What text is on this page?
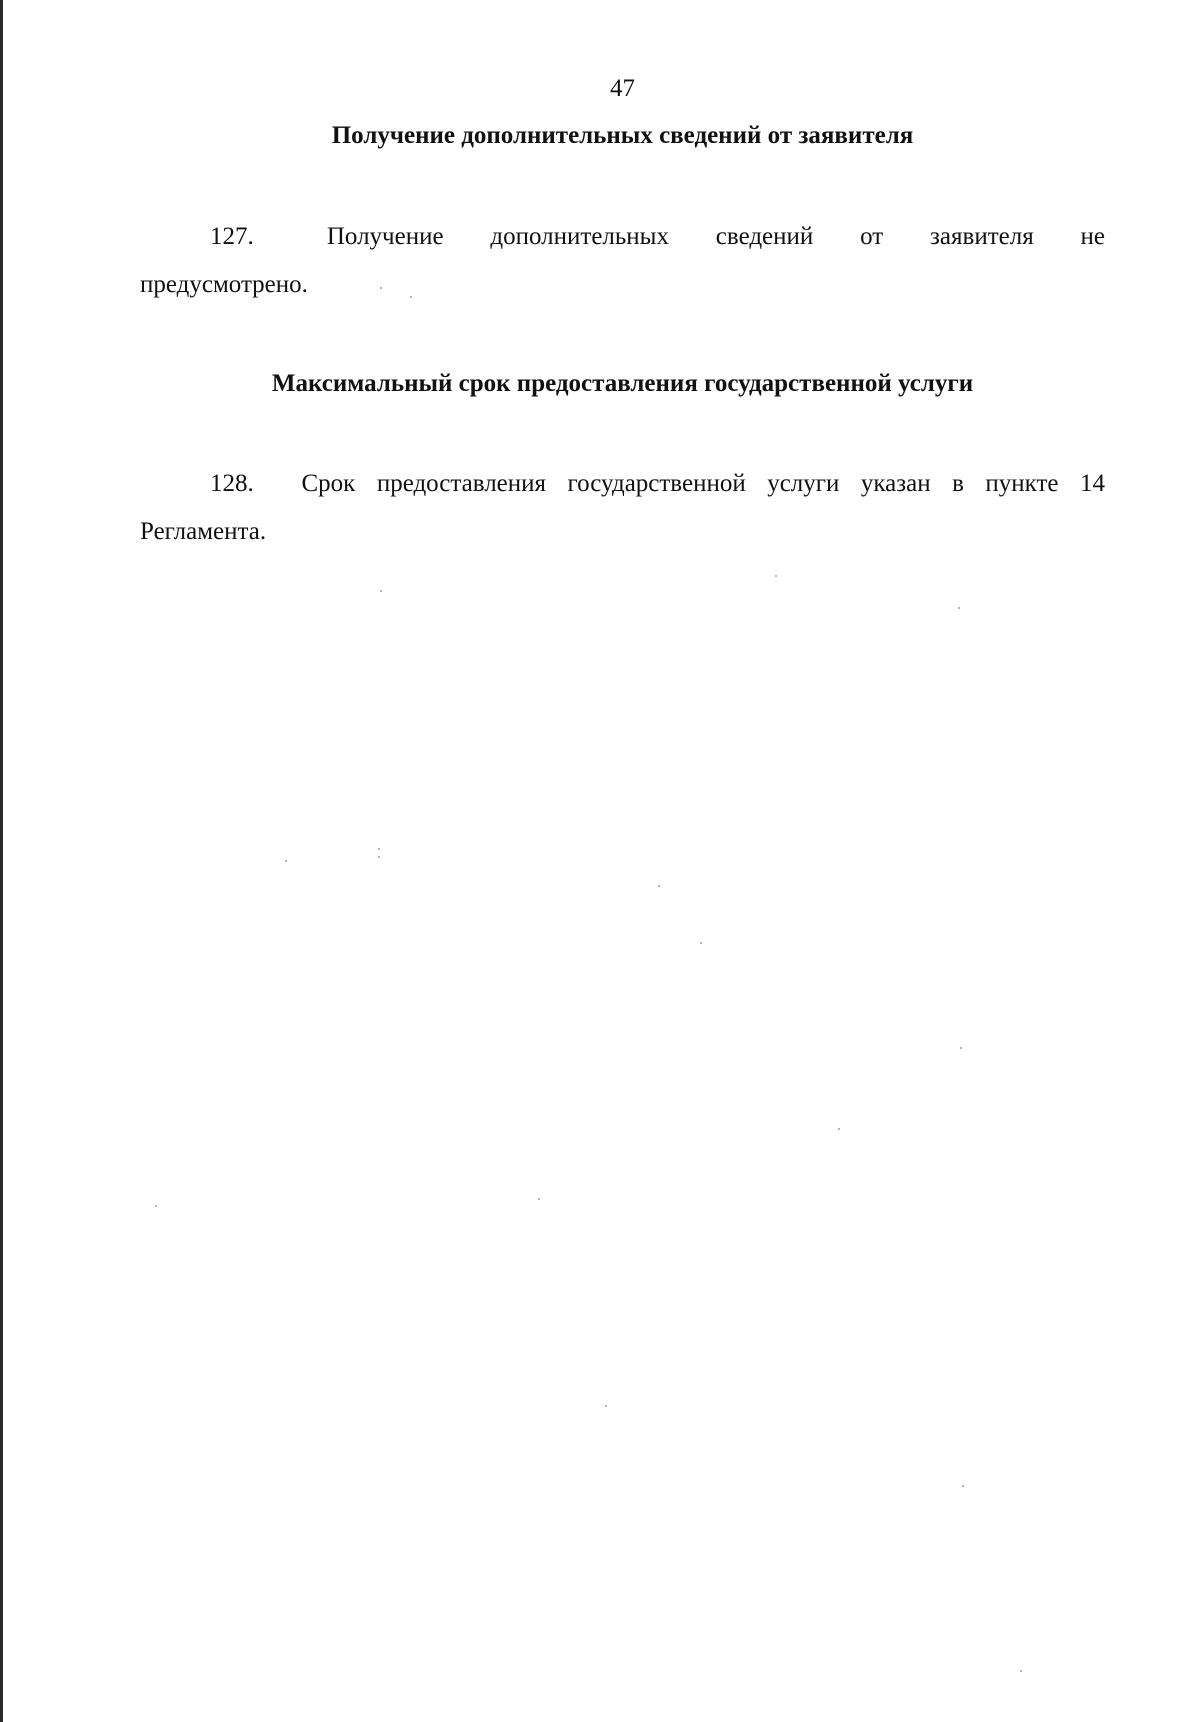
47
Получение дополнительных сведений от заявителя

127.	Получение дополнительных сведений от заявителя не
предусмотрено.

Максимальный срок предоставления государственной услуги

128. Срок предоставления государственной услуги указан в пункте 14
Регламента.
